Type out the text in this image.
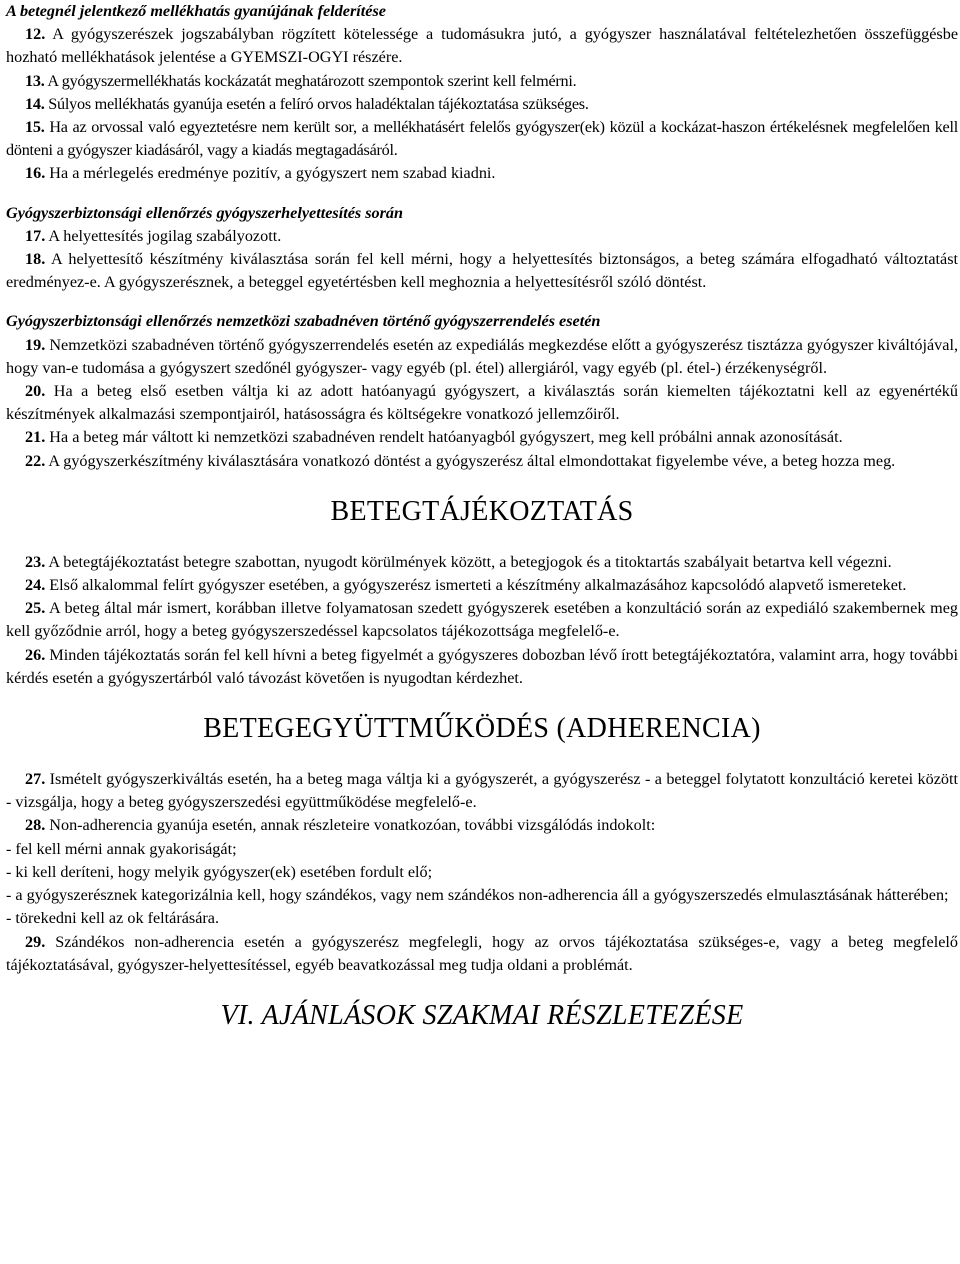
A betegnél jelentkező mellékhatás gyanújának felderítése

12. A gyógyszerészek jogszabályban rögzített kötelessége a tudomásukra jutó, a gyógyszer használatával feltételezhetően összefüggésbe hozható mellékhatások jelentése a GYEMSZI-OGYI részére.

13. A gyógyszermellékhatás kockázatát meghatározott szempontok szerint kell felmérni.

14. Súlyos mellékhatás gyanúja esetén a felíró orvos haladéktalan tájékoztatása szükséges.

15. Ha az orvossal való egyeztetésre nem került sor, a mellékhatásért felelős gyógyszer(ek) közül a kockázat-haszon értékelésnek megfelelően kell dönteni a gyógyszer kiadásáról, vagy a kiadás megtagadásáról.

16. Ha a mérlegelés eredménye pozitív, a gyógyszert nem szabad kiadni.

Gyógyszerbiztonsági ellenőrzés gyógyszerhelyettesítés során

17. A helyettesítés jogilag szabályozott.

18. A helyettesítő készítmény kiválasztása során fel kell mérni, hogy a helyettesítés biztonságos, a beteg számára elfogadható változtatást eredményez-e. A gyógyszerésznek, a beteggel egyetértésben kell meghoznia a helyettesítésről szóló döntést.

Gyógyszerbiztonsági ellenőrzés nemzetközi szabadnéven történő gyógyszerrendelés esetén

19. Nemzetközi szabadnéven történő gyógyszerrendelés esetén az expediálás megkezdése előtt a gyógyszerész tisztázza gyógyszer kiváltójával, hogy van-e tudomása a gyógyszert szedőnél gyógyszer- vagy egyéb (pl. étel) allergiáról, vagy egyéb (pl. étel-) érzékenységről.

20. Ha a beteg első esetben váltja ki az adott hatóanyagú gyógyszert, a kiválasztás során kiemelten tájékoztatni kell az egyenértékű készítmények alkalmazási szempontjairól, hatásosságra és költségekre vonatkozó jellemzőiről.

21. Ha a beteg már váltott ki nemzetközi szabadnéven rendelt hatóanyagból gyógyszert, meg kell próbálni annak azonosítását.

22. A gyógyszerkészítmény kiválasztására vonatkozó döntést a gyógyszerész által elmondottakat figyelembe véve, a beteg hozza meg.

BETEGTÁJÉKOZTATÁS

23. A betegtájékoztatást betegre szabottan, nyugodt körülmények között, a betegjogok és a titoktartás szabályait betartva kell végezni.

24. Első alkalommal felírt gyógyszer esetében, a gyógyszerész ismerteti a készítmény alkalmazásához kapcsolódó alapvető ismereteket.

25. A beteg által már ismert, korábban illetve folyamatosan szedett gyógyszerek esetében a konzultáció során az expediáló szakembernek meg kell győződnie arról, hogy a beteg gyógyszerszedéssel kapcsolatos tájékozottsága megfelelő-e.

26. Minden tájékoztatás során fel kell hívni a beteg figyelmét a gyógyszeres dobozban lévő írott betegtájékoztatóra, valamint arra, hogy további kérdés esetén a gyógyszertárból való távozást követően is nyugodtan kérdezhet.

BETEGEGYÜTTMŰKÖDÉS (ADHERENCIA)

27. Ismételt gyógyszerkiváltás esetén, ha a beteg maga váltja ki a gyógyszerét, a gyógyszerész - a beteggel folytatott konzultáció keretei között - vizsgálja, hogy a beteg gyógyszerszedési együttműködése megfelelő-e.

28. Non-adherencia gyanúja esetén, annak részleteire vonatkozóan, további vizsgálódás indokolt:

- fel kell mérni annak gyakoriságát;

- ki kell deríteni, hogy melyik gyógyszer(ek) esetében fordult elő;

- a gyógyszerésznek kategorizálnia kell, hogy szándékos, vagy nem szándékos non-adherencia áll a gyógyszerszedés elmulasztásának hátterében;

- törekedni kell az ok feltárására.

29. Szándékos non-adherencia esetén a gyógyszerész megfelegli, hogy az orvos tájékoztatása szükséges-e, vagy a beteg megfelelő tájékoztatásával, gyógyszer-helyettesítéssel, egyéb beavatkozással meg tudja oldani a problémát.

VI. AJÁNLÁSOK SZAKMAI RÉSZLETEZÉSE
